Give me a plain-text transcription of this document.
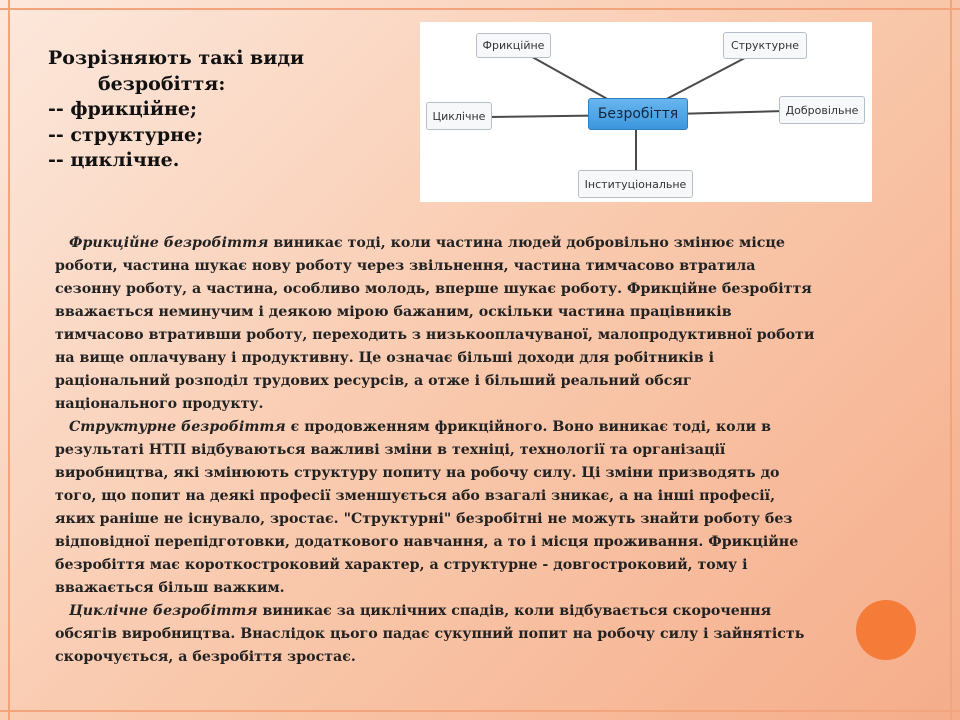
Розрізняють такі види
безробіття:
-- фрикційне;
-- структурне;
-- циклічне.
Фрикційне	Структурне
Циклічне	Добровільне
Інституціональне
Безробіття

Фрикційне безробіття виникає тоді, коли частина людей добровільно змінює місце роботи, частина шукає нову роботу через звільнення, частина тимчасово втратила сезонну роботу, а частина, особливо молодь, вперше шукає роботу. Фрикційне безробіття вважається неминучим і деякою мірою бажаним, оскільки частина працівників тимчасово втративши роботу, переходить з низькооплачуваної, малопродуктивної роботи на вище оплачувану і продуктивну. Це означає більші доходи для робітників і раціональний розподіл трудових ресурсів, а отже і більший реальний обсяг національного продукту.

Структурне безробіття є продовженням фрикційного. Воно виникає тоді, коли в результаті НТП відбуваються важливі зміни в техніці, технології та організації виробництва, які змінюють структуру попиту на робочу силу. Ці зміни призводять до того, що попит на деякі професії зменшується або взагалі зникає, а на інші професії, яких раніше не існувало, зростає. "Структурні" безробітні не можуть знайти роботу без відповідної перепідготовки, додаткового навчання, а то і місця проживання. Фрикційне безробіття має короткостроковий характер, а структурне - довгостроковий, тому і вважається більш важким.

Циклічне безробіття виникає за циклічних спадів, коли відбувається скорочення обсягів виробництва. Внаслідок цього падає сукупний попит на робочу силу і зайнятість скорочується, а безробіття зростає.
